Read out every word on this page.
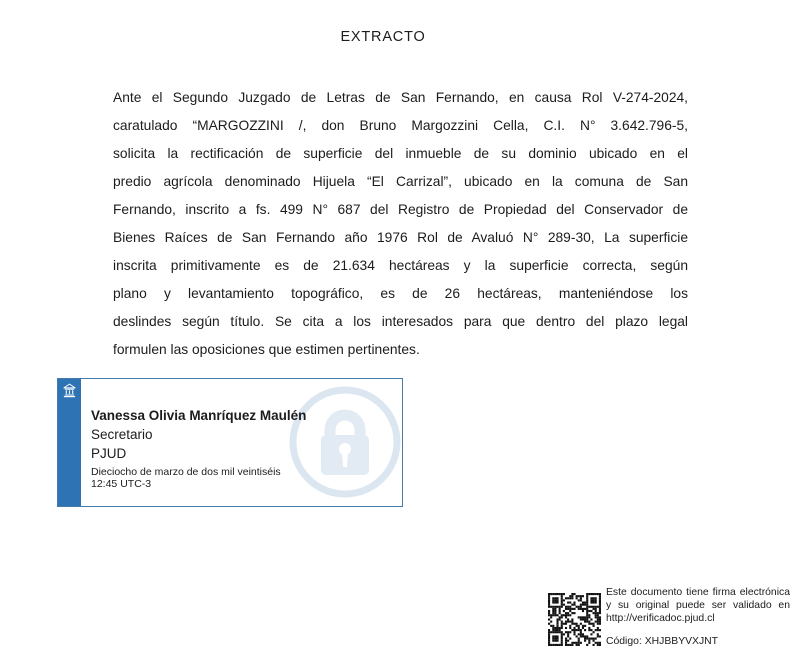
EXTRACTO
Ante el Segundo Juzgado de Letras de San Fernando, en causa Rol V-274-2024,
caratulado “MARGOZZINI /, don Bruno Margozzini Cella, C.I. N° 3.642.796-5,
solicita la rectificación de superficie del inmueble de su dominio ubicado en el
predio agrícola denominado Hijuela “El Carrizal”, ubicado en la comuna de San
Fernando, inscrito a fs. 499 N° 687 del Registro de Propiedad del Conservador de
Bienes Raíces de San Fernando año 1976 Rol de Avaluó N° 289-30, La superficie
inscrita primitivamente es de 21.634 hectáreas y la superficie correcta, según
plano y levantamiento topográfico, es de 26 hectáreas, manteniéndose los
deslindes según título. Se cita a los interesados para que dentro del plazo legal
formulen las oposiciones que estimen pertinentes.
Vanessa Olivia Manríquez Maulén
Secretario
PJUD
Dieciocho de marzo de dos mil veintiséis
12:45 UTC-3
Este documento tiene firma electrónica
y su original puede ser validado en
http://verificadoc.pjud.cl
Código: XHJBBYVXJNT
